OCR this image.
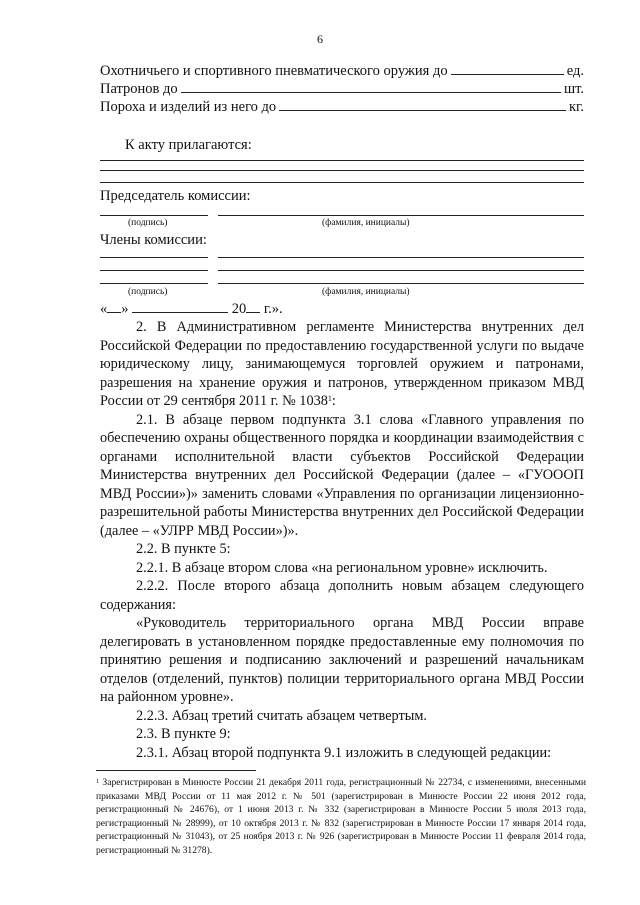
6
Охотничьего и спортивного пневматического оружия до	ед.
Патронов до	шт.
Пороха и изделий из него до	кг.
К акту прилагаются:
Председатель комиссии:
(подпись)	(фамилия, инициалы)
Члены комиссии:
(подпись)	(фамилия, инициалы)
« »	20 г.».

2. В Административном регламенте Министерства внутренних дел Российской Федерации по предоставлению государственной услуги по выдаче юридическому лицу, занимающемуся торговлей оружием и патронами, разрешения на хранение оружия и патронов, утвержденном приказом МВД России от 29 сентября 2011 г. № 1038$^1$:

2.1. В абзаце первом подпункта 3.1 слова «Главного управления по обеспечению охраны общественного порядка и координации взаимодействия с органами исполнительной власти субъектов Российской Федерации Министерства внутренних дел Российской Федерации (далее – «ГУОООП МВД России»)» заменить словами «Управления по организации лицензионно-разрешительной работы Министерства внутренних дел Российской Федерации (далее – «УЛРР МВД России»)».

2.2. В пункте 5:

2.2.1. В абзаце втором слова «на региональном уровне» исключить.

2.2.2. После второго абзаца дополнить новым абзацем следующего содержания:

«Руководитель территориального органа МВД России вправе делегировать в установленном порядке предоставленные ему полномочия по принятию решения и подписанию заключений и разрешений начальникам отделов (отделений, пунктов) полиции территориального органа МВД России на районном уровне».

2.2.3. Абзац третий считать абзацем четвертым.

2.3. В пункте 9:

2.3.1. Абзац второй подпункта 9.1 изложить в следующей редакции:

$^1$ Зарегистрирован в Минюсте России 21 декабря 2011 года, регистрационный № 22734, с изменениями, внесенными приказами МВД России от 11 мая 2012 г. № 501 (зарегистрирован в Минюсте России 22 июня 2012 года, регистрационный № 24676), от 1 июня 2013 г. № 332 (зарегистрирован в Минюсте России 5 июля 2013 года, регистрационный № 28999), от 10 октября 2013 г. № 832 (зарегистрирован в Минюсте России 17 января 2014 года, регистрационный № 31043), от 25 ноября 2013 г. № 926 (зарегистрирован в Минюсте России 11 февраля 2014 года, регистрационный № 31278).
